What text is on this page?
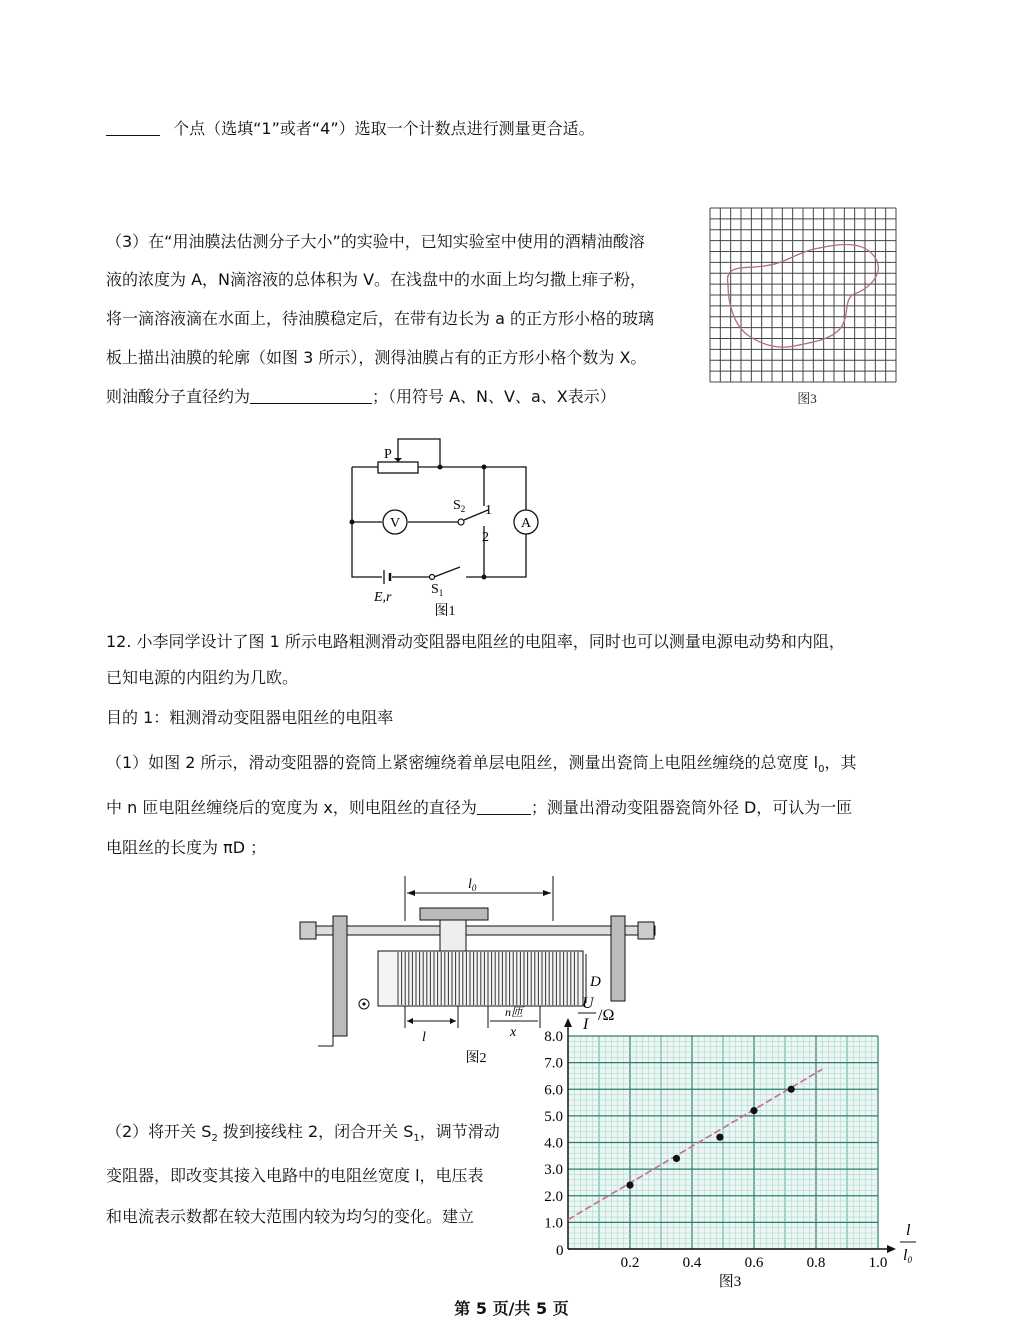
个点（选填“1”或者“4”）选取一个计数点进行测量更合适。
（3）在“用油膜法估测分子大小”的实验中，已知实验室中使用的酒精油酸溶
液的浓度为 A，N滴溶液的总体积为 V。在浅盘中的水面上均匀撒上痱子粉，
将一滴溶液滴在水面上，待油膜稳定后，在带有边长为 a 的正方形小格的玻璃
板上描出油膜的轮廓（如图 3 所示），测得油膜占有的正方形小格个数为 X。
则油酸分子直径约为	；（用符号 A、N、V、a、X表示）	图3
V	A
P
$S_2$ 1
2
$S_1$
E,r
图1
12. 小李同学设计了图 1 所示电路粗测滑动变阻器电阻丝的电阻率，同时也可以测量电源电动势和内阻，
已知电源的内阻约为几欧。
目的 1：粗测滑动变阻器电阻丝的电阻率
（1）如图 2 所示，滑动变阻器的瓷筒上紧密缠绕着单层电阻丝，测量出瓷筒上电阻丝缠绕的总宽度 $l_0$，其
中 n 匝电阻丝缠绕后的宽度为 x，则电阻丝的直径为	；测量出滑动变阻器瓷筒外径 D，可认为一匝
电阻丝的长度为 πD ；
$l_0$
D
l
n匝
x
图2
（2）将开关 $S_2$ 拨到接线柱 2，闭合开关 $S_1$，调节滑动
变阻器，即改变其接入电路中的电阻丝宽度 l，电压表
和电流表示数都在较大范围内较为均匀的变化。建立
0.2	0.4	0.6	0.8	1.0
1.0
2.0
3.0
4.0
5.0
6.0
7.0
8.0
U
I
/Ω
l
l0
0
图3
第 5 页/共 5 页
